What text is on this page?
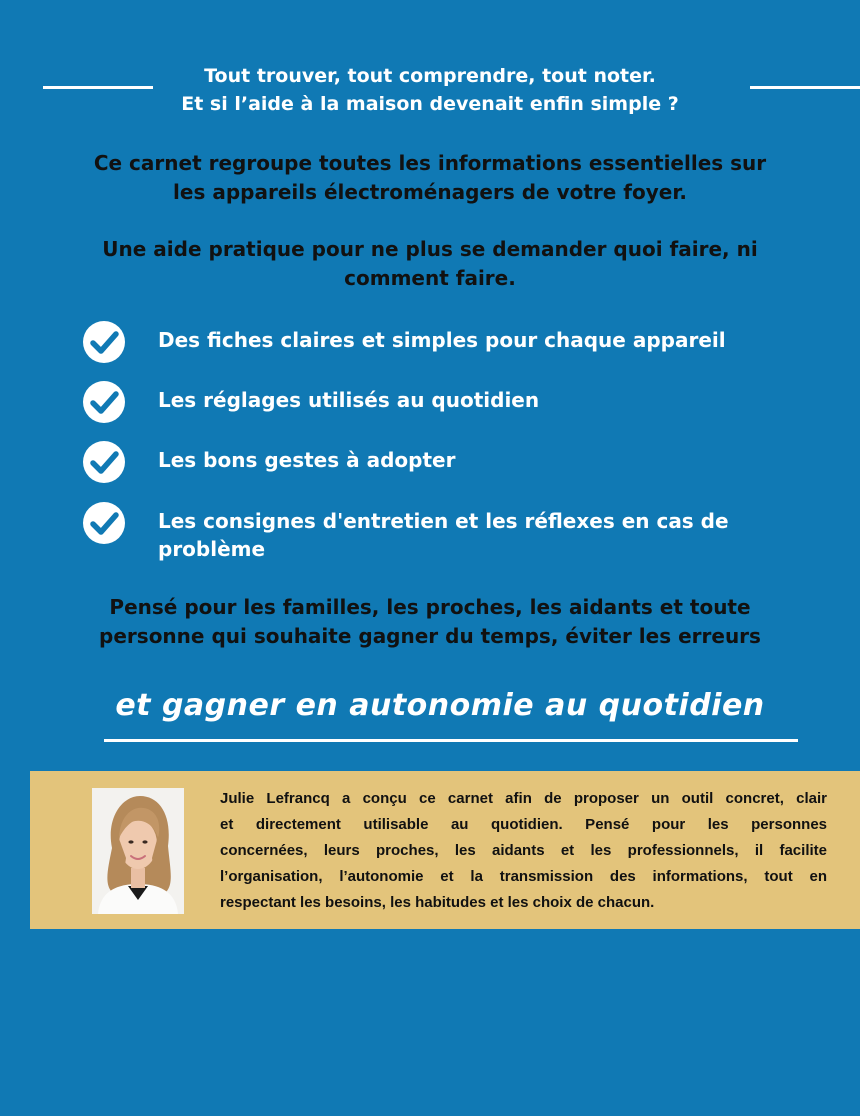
Tout trouver, tout comprendre, tout noter.
Et si l’aide à la maison devenait enfin simple ?
Ce carnet regroupe toutes les informations essentielles sur
les appareils électroménagers de votre foyer.
Une aide pratique pour ne plus se demander quoi faire, ni
comment faire.
Des fiches claires et simples pour chaque appareil
Les réglages utilisés au quotidien
Les bons gestes à adopter
Les consignes d'entretien et les réflexes en cas de
problème
Pensé pour les familles, les proches, les aidants et toute
personne qui souhaite gagner du temps, éviter les erreurs
et gagner en autonomie au quotidien
Julie Lefrancq a conçu ce carnet afin de proposer un outil concret, clair
et directement utilisable au quotidien. Pensé pour les personnes
concernées, leurs proches, les aidants et les professionnels, il facilite
l’organisation, l’autonomie et la transmission des informations, tout en
respectant les besoins, les habitudes et les choix de chacun.
